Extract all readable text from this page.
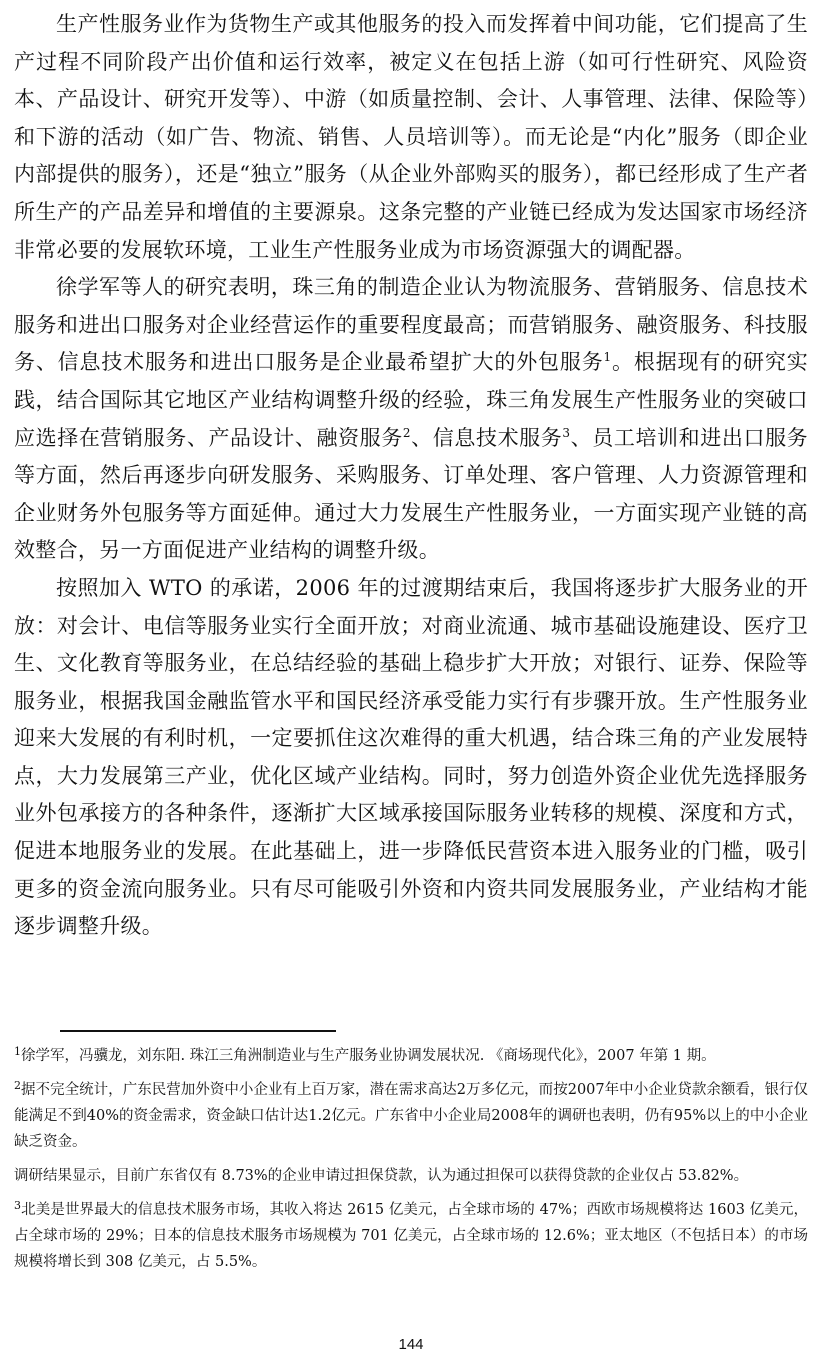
生产性服务业作为货物生产或其他服务的投入而发挥着中间功能，它们提高了生产过程不同阶段产出价值和运行效率，被定义在包括上游（如可行性研究、风险资本、产品设计、研究开发等）、中游（如质量控制、会计、人事管理、法律、保险等）和下游的活动（如广告、物流、销售、人员培训等）。而无论是“内化”服务（即企业内部提供的服务），还是“独立”服务（从企业外部购买的服务），都已经形成了生产者所生产的产品差异和增值的主要源泉。这条完整的产业链已经成为发达国家市场经济非常必要的发展软环境，工业生产性服务业成为市场资源强大的调配器。

徐学军等人的研究表明，珠三角的制造企业认为物流服务、营销服务、信息技术服务和进出口服务对企业经营运作的重要程度最高；而营销服务、融资服务、科技服务、信息技术服务和进出口服务是企业最希望扩大的外包服务$^1$。根据现有的研究实践，结合国际其它地区产业结构调整升级的经验，珠三角发展生产性服务业的突破口应选择在营销服务、产品设计、融资服务$^2$、信息技术服务$^3$、员工培训和进出口服务等方面，然后再逐步向研发服务、采购服务、订单处理、客户管理、人力资源管理和企业财务外包服务等方面延伸。通过大力发展生产性服务业，一方面实现产业链的高效整合，另一方面促进产业结构的调整升级。

按照加入 WTO 的承诺，2006 年的过渡期结束后，我国将逐步扩大服务业的开放：对会计、电信等服务业实行全面开放；对商业流通、城市基础设施建设、医疗卫生、文化教育等服务业，在总结经验的基础上稳步扩大开放；对银行、证券、保险等服务业，根据我国金融监管水平和国民经济承受能力实行有步骤开放。生产性服务业迎来大发展的有利时机，一定要抓住这次难得的重大机遇，结合珠三角的产业发展特点，大力发展第三产业，优化区域产业结构。同时，努力创造外资企业优先选择服务业外包承接方的各种条件，逐渐扩大区域承接国际服务业转移的规模、深度和方式，促进本地服务业的发展。在此基础上，进一步降低民营资本进入服务业的门槛，吸引更多的资金流向服务业。只有尽可能吸引外资和内资共同发展服务业，产业结构才能逐步调整升级。

$^1$徐学军，冯骥龙，刘东阳. 珠江三角洲制造业与生产服务业协调发展状况. 《商场现代化》，2007 年第 1 期。

$^2$据不完全统计，广东民营加外资中小企业有上百万家，潜在需求高达2万多亿元，而按2007年中小企业贷款余额看，银行仅能满足不到40%的资金需求，资金缺口估计达1.2亿元。广东省中小企业局2008年的调研也表明，仍有95%以上的中小企业缺乏资金。

调研结果显示，目前广东省仅有 8.73%的企业申请过担保贷款，认为通过担保可以获得贷款的企业仅占 53.82%。

$^3$北美是世界最大的信息技术服务市场，其收入将达 2615 亿美元，占全球市场的 47%；西欧市场规模将达 1603 亿美元，占全球市场的 29%；日本的信息技术服务市场规模为 701 亿美元，占全球市场的 12.6%；亚太地区（不包括日本）的市场规模将增长到 308 亿美元，占 5.5%。

144
